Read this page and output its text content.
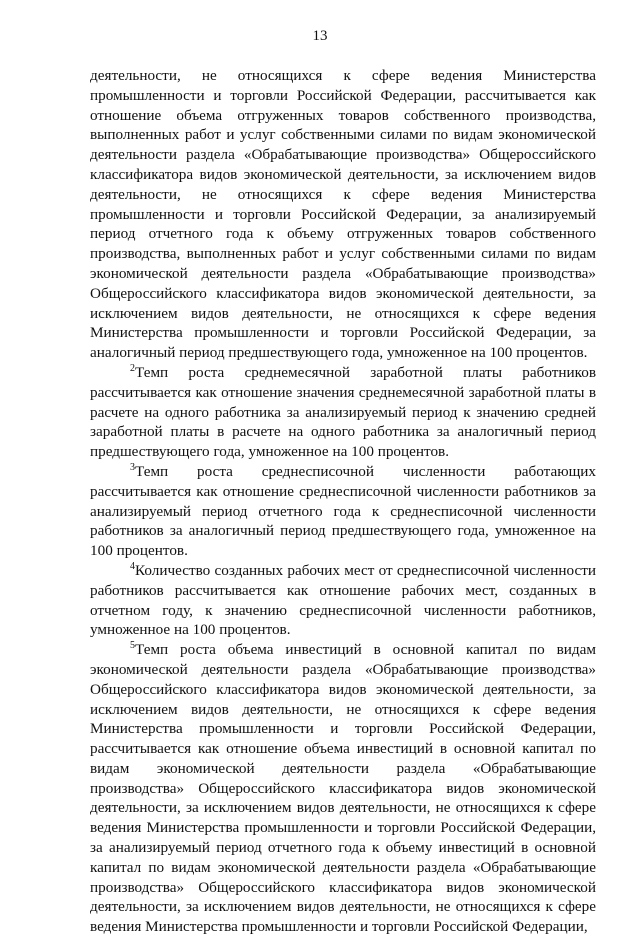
13

деятельности, не относящихся к сфере ведения Министерства промышленности и торговли Российской Федерации, рассчитывается как отношение объема отгруженных товаров собственного производства, выполненных работ и услуг собственными силами по видам экономической деятельности раздела «Обрабатывающие производства» Общероссийского классификатора видов экономической деятельности, за исключением видов деятельности, не относящихся к сфере ведения Министерства промышленности и торговли Российской Федерации, за анализируемый период отчетного года к объему отгруженных товаров собственного производства, выполненных работ и услуг собственными силами по видам экономической деятельности раздела «Обрабатывающие производства» Общероссийского классификатора видов экономической деятельности, за исключением видов деятельности, не относящихся к сфере ведения Министерства промышленности и торговли Российской Федерации, за аналогичный период предшествующего года, умноженное на 100 процентов.

$^2$Темп роста среднемесячной заработной платы работников рассчитывается как отношение значения среднемесячной заработной платы в расчете на одного работника за анализируемый период к значению средней заработной платы в расчете на одного работника за аналогичный период предшествующего года, умноженное на 100 процентов.

$^3$Темп роста среднесписочной численности работающих рассчитывается как отношение среднесписочной численности работников за анализируемый период отчетного года к среднесписочной численности работников за аналогичный период предшествующего года, умноженное на 100 процентов.

$^4$Количество созданных рабочих мест от среднесписочной численности работников рассчитывается как отношение рабочих мест, созданных в отчетном году, к значению среднесписочной численности работников, умноженное на 100 процентов.

$^5$Темп роста объема инвестиций в основной капитал по видам экономической деятельности раздела «Обрабатывающие производства» Общероссийского классификатора видов экономической деятельности, за исключением видов деятельности, не относящихся к сфере ведения Министерства промышленности и торговли Российской Федерации, рассчитывается как отношение объема инвестиций в основной капитал по видам экономической деятельности раздела «Обрабатывающие производства» Общероссийского классификатора видов экономической деятельности, за исключением видов деятельности, не относящихся к сфере ведения Министерства промышленности и торговли Российской Федерации, за анализируемый период отчетного года к объему инвестиций в основной капитал по видам экономической деятельности раздела «Обрабатывающие производства» Общероссийского классификатора видов экономической деятельности, за исключением видов деятельности, не относящихся к сфере ведения Министерства промышленности и торговли Российской Федерации,
